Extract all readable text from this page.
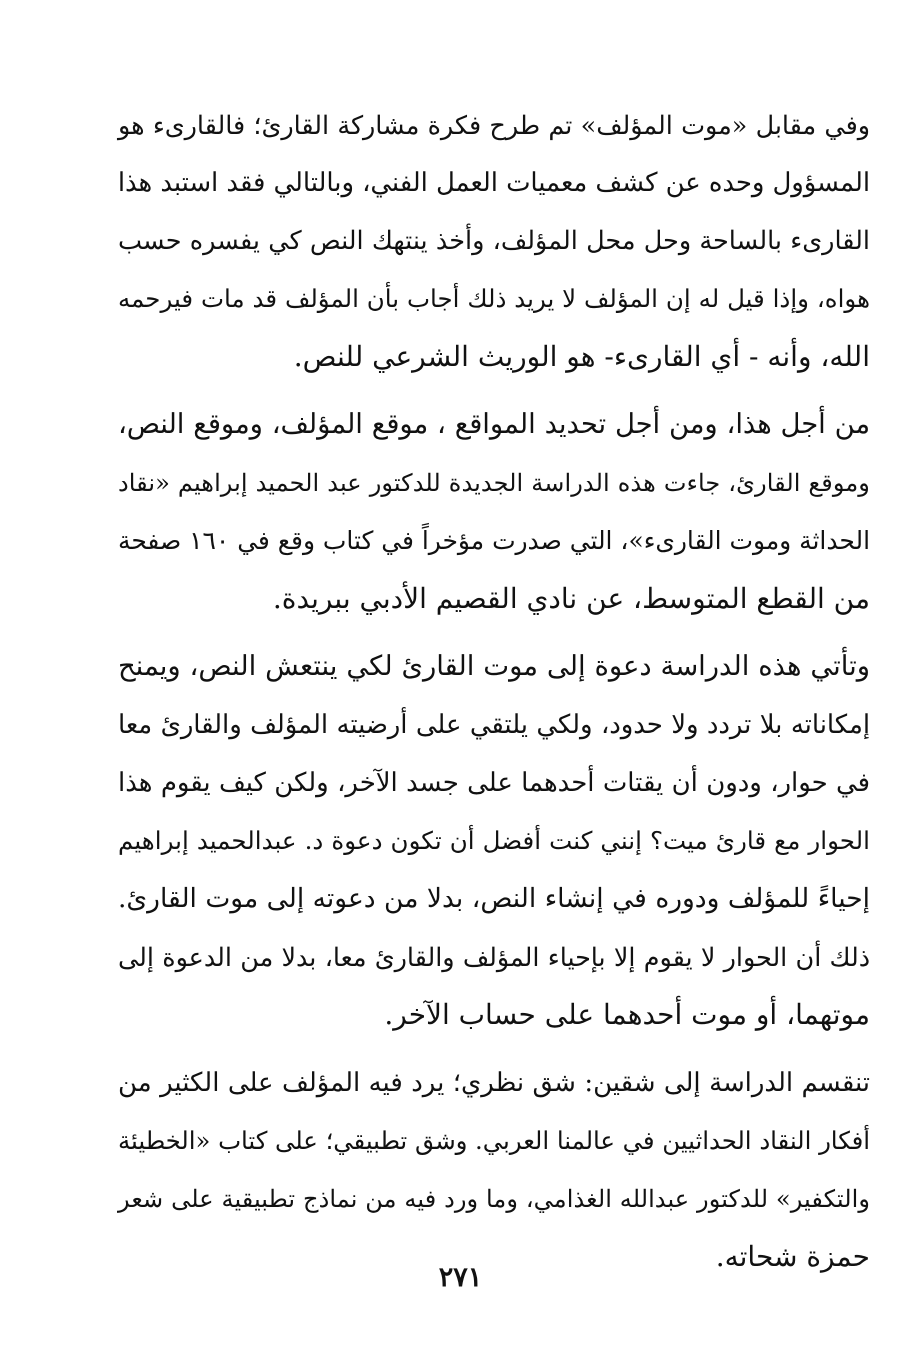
وفي مقابل «موت المؤلف» تم طرح فكرة مشاركة القارئ؛ فالقارىء هو
المسؤول وحده عن كشف معميات العمل الفني، وبالتالي فقد استبد هذا
القارىء بالساحة وحل محل المؤلف، وأخذ ينتهك النص كي يفسره حسب
هواه، وإذا قيل له إن المؤلف لا يريد ذلك أجاب بأن المؤلف قد مات فيرحمه
الله، وأنه - أي القارىء- هو الوريث الشرعي للنص.

من أجل هذا، ومن أجل تحديد المواقع ، موقع المؤلف، وموقع النص،
وموقع القارئ، جاءت هذه الدراسة الجديدة للدكتور عبد الحميد إبراهيم «نقاد
الحداثة وموت القارىء»، التي صدرت مؤخراً في كتاب وقع في ١٦٠ صفحة
من القطع المتوسط، عن نادي القصيم الأدبي ببريدة.

وتأتي هذه الدراسة دعوة إلى موت القارئ لكي ينتعش النص، ويمنح
إمكاناته بلا تردد ولا حدود، ولكي يلتقي على أرضيته المؤلف والقارئ معا
في حوار، ودون أن يقتات أحدهما على جسد الآخر، ولكن كيف يقوم هذا
الحوار مع قارئ ميت؟ إنني كنت أفضل أن تكون دعوة د. عبدالحميد إبراهيم
إحياءً للمؤلف ودوره في إنشاء النص، بدلا من دعوته إلى موت القارئ.
ذلك أن الحوار لا يقوم إلا بإحياء المؤلف والقارئ معا، بدلا من الدعوة إلى
موتهما، أو موت أحدهما على حساب الآخر.

تنقسم الدراسة إلى شقين: شق نظري؛ يرد فيه المؤلف على الكثير من
أفكار النقاد الحداثيين في عالمنا العربي. وشق تطبيقي؛ على كتاب «الخطيئة
والتكفير» للدكتور عبدالله الغذامي، وما ورد فيه من نماذج تطبيقية على شعر
حمزة شحاته.

٢٧١
